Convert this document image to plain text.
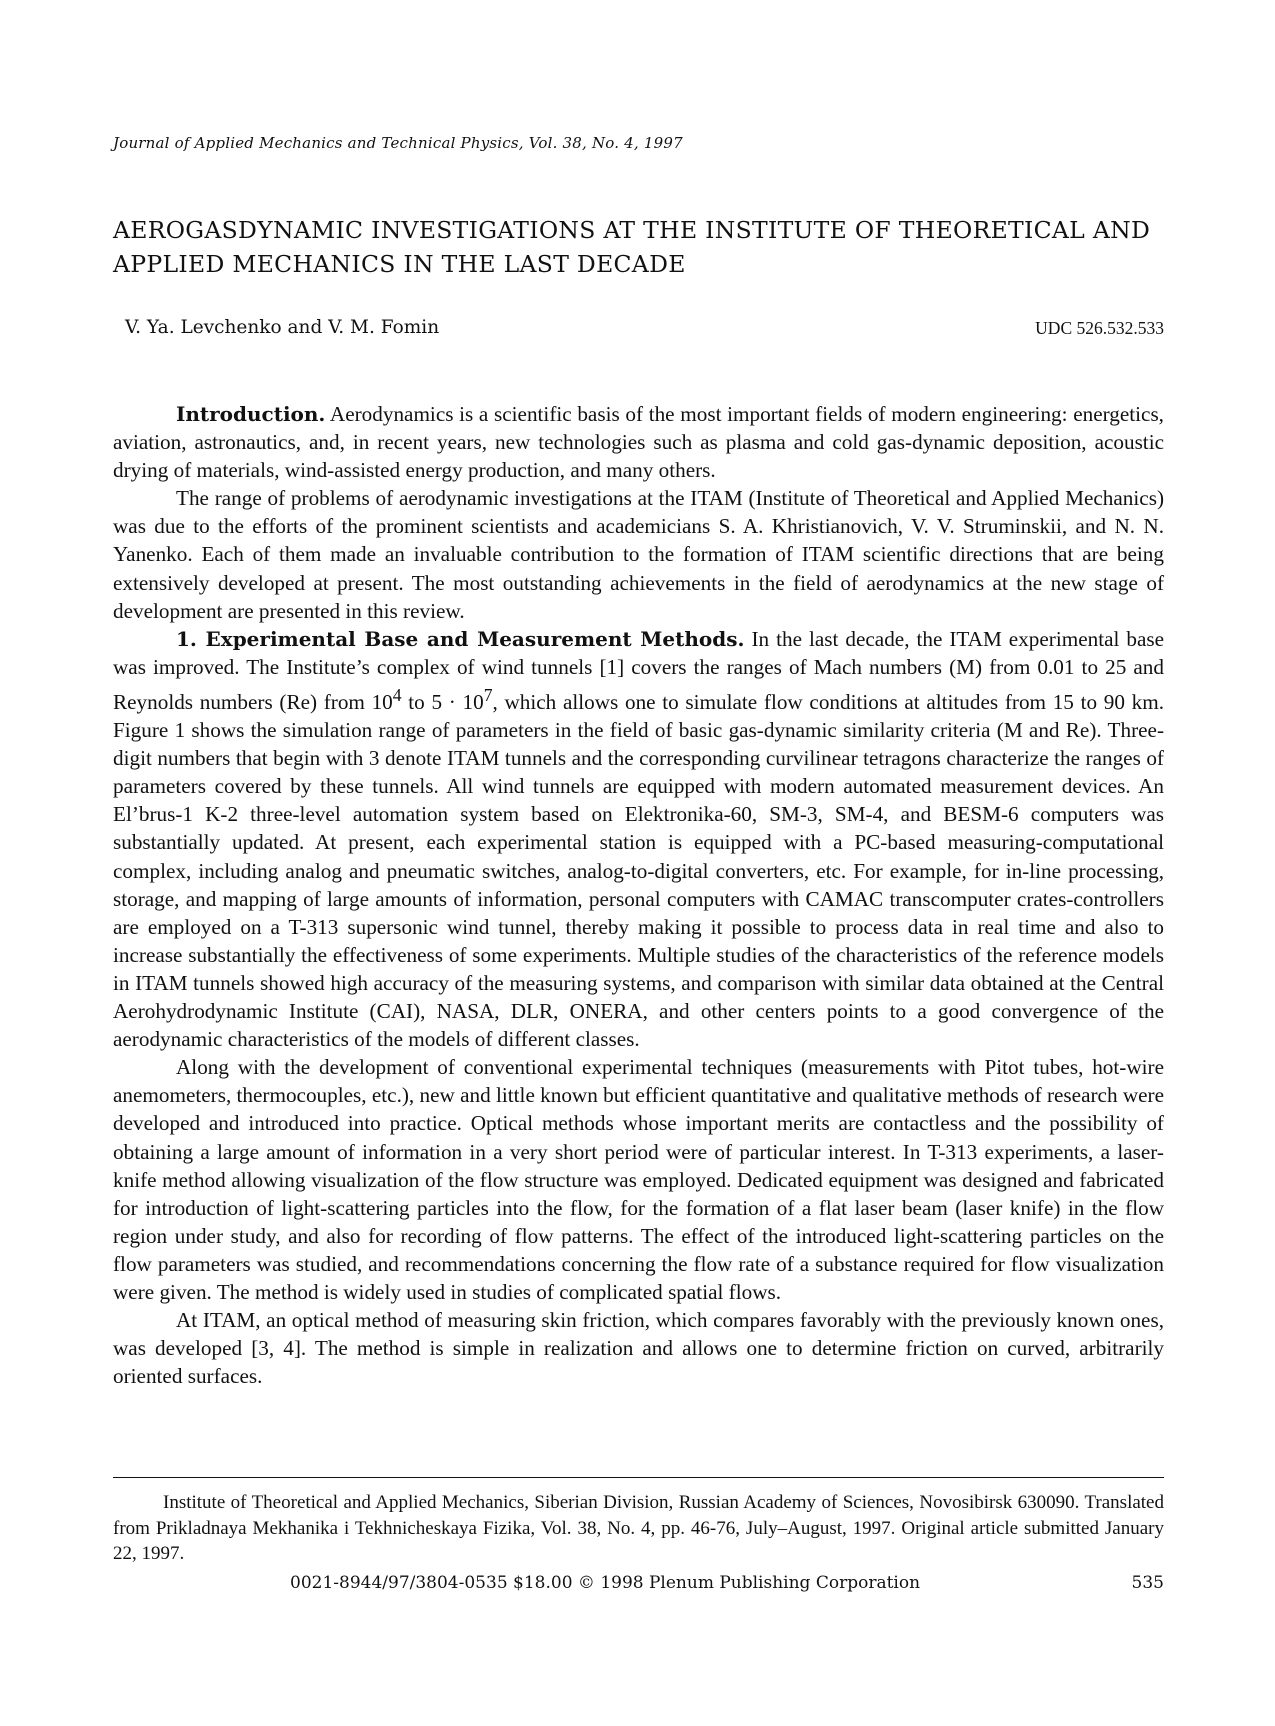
Journal of Applied Mechanics and Technical Physics, Vol. 38, No. 4, 1997
AEROGASDYNAMIC INVESTIGATIONS AT THE INSTITUTE OF THEORETICAL AND APPLIED MECHANICS IN THE LAST DECADE
V. Ya. Levchenko and V. M. Fomin	UDC 526.532.533

Introduction. Aerodynamics is a scientific basis of the most important fields of modern engineering: energetics, aviation, astronautics, and, in recent years, new technologies such as plasma and cold gas-dynamic deposition, acoustic drying of materials, wind-assisted energy production, and many others.

The range of problems of aerodynamic investigations at the ITAM (Institute of Theoretical and Applied Mechanics) was due to the efforts of the prominent scientists and academicians S. A. Khristianovich, V. V. Struminskii, and N. N. Yanenko. Each of them made an invaluable contribution to the formation of ITAM scientific directions that are being extensively developed at present. The most outstanding achievements in the field of aerodynamics at the new stage of development are presented in this review.

1. Experimental Base and Measurement Methods. In the last decade, the ITAM experimental base was improved. The Institute’s complex of wind tunnels [1] covers the ranges of Mach numbers (M) from 0.01 to 25 and Reynolds numbers (Re) from $10^4$ to $5 \cdot 10^7$, which allows one to simulate flow conditions at altitudes from 15 to 90 km. Figure 1 shows the simulation range of parameters in the field of basic gas-dynamic similarity criteria (M and Re). Three-digit numbers that begin with 3 denote ITAM tunnels and the corresponding curvilinear tetragons characterize the ranges of parameters covered by these tunnels. All wind tunnels are equipped with modern automated measurement devices. An El’brus-1 K-2 three-level automation system based on Elektronika-60, SM-3, SM-4, and BESM-6 computers was substantially updated. At present, each experimental station is equipped with a PC-based measuring-computational complex, including analog and pneumatic switches, analog-to-digital converters, etc. For example, for in-line processing, storage, and mapping of large amounts of information, personal computers with CAMAC transcomputer crates-controllers are employed on a T-313 supersonic wind tunnel, thereby making it possible to process data in real time and also to increase substantially the effectiveness of some experiments. Multiple studies of the characteristics of the reference models in ITAM tunnels showed high accuracy of the measuring systems, and comparison with similar data obtained at the Central Aerohydrodynamic Institute (CAI), NASA, DLR, ONERA, and other centers points to a good convergence of the aerodynamic characteristics of the models of different classes.

Along with the development of conventional experimental techniques (measurements with Pitot tubes, hot-wire anemometers, thermocouples, etc.), new and little known but efficient quantitative and qualitative methods of research were developed and introduced into practice. Optical methods whose important merits are contactless and the possibility of obtaining a large amount of information in a very short period were of particular interest. In T-313 experiments, a laser-knife method allowing visualization of the flow structure was employed. Dedicated equipment was designed and fabricated for introduction of light-scattering particles into the flow, for the formation of a flat laser beam (laser knife) in the flow region under study, and also for recording of flow patterns. The effect of the introduced light-scattering particles on the flow parameters was studied, and recommendations concerning the flow rate of a substance required for flow visualization were given. The method is widely used in studies of complicated spatial flows.

At ITAM, an optical method of measuring skin friction, which compares favorably with the previously known ones, was developed [3, 4]. The method is simple in realization and allows one to determine friction on curved, arbitrarily oriented surfaces.

Institute of Theoretical and Applied Mechanics, Siberian Division, Russian Academy of Sciences, Novosibirsk 630090. Translated from Prikladnaya Mekhanika i Tekhnicheskaya Fizika, Vol. 38, No. 4, pp. 46-76, July–August, 1997. Original article submitted January 22, 1997.

0021-8944/97/3804-0535 $18.00 © 1998 Plenum Publishing Corporation	535
